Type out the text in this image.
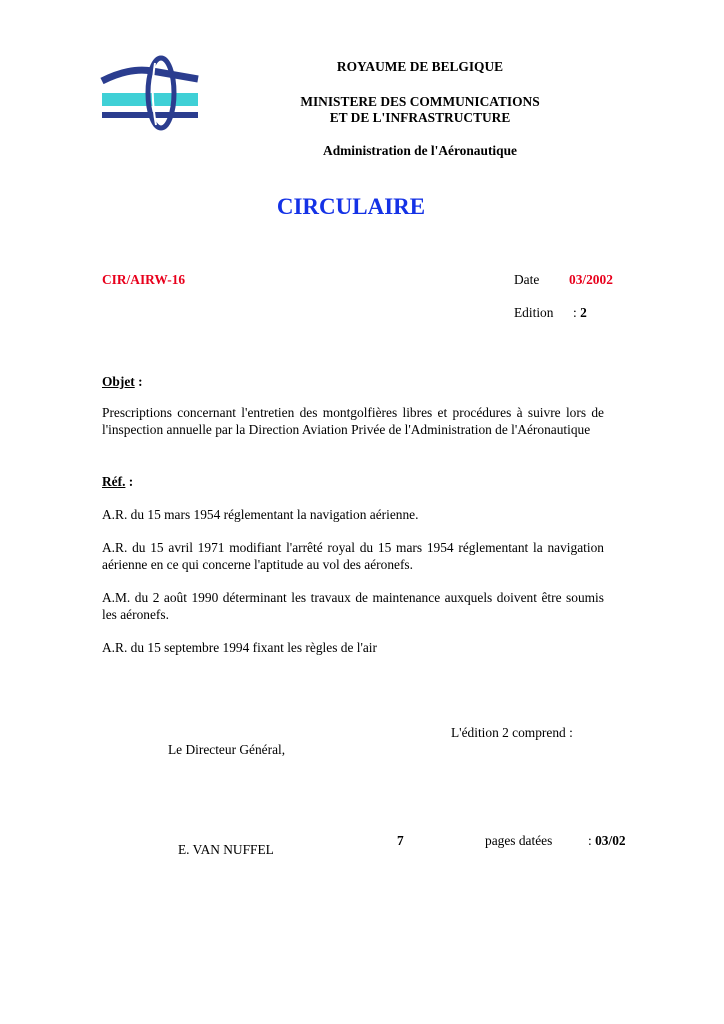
ROYAUME DE BELGIQUE
MINISTERE DES COMMUNICATIONS
ET DE L'INFRASTRUCTURE
Administration de l'Aéronautique
CIRCULAIRE
CIR/AIRW-16	Date 03/2002
Edition : 2
Objet :
Prescriptions concernant l'entretien des montgolfières libres et procédures à suivre lors de l'inspection annuelle par la Direction Aviation Privée de l'Administration de l'Aéronautique
Réf. :
A.R. du 15 mars 1954 réglementant la navigation aérienne.
A.R. du 15 avril 1971 modifiant l'arrêté royal du 15 mars 1954 réglementant la navigation aérienne en ce qui concerne l'aptitude au vol des aéronefs.
A.M. du 2 août 1990 déterminant les travaux de maintenance auxquels doivent être soumis les aéronefs.
A.R. du 15 septembre 1994 fixant les règles de l'air
L'édition 2 comprend :
7	pages datées	: 03/02
Le Directeur Général,
E. VAN NUFFEL
